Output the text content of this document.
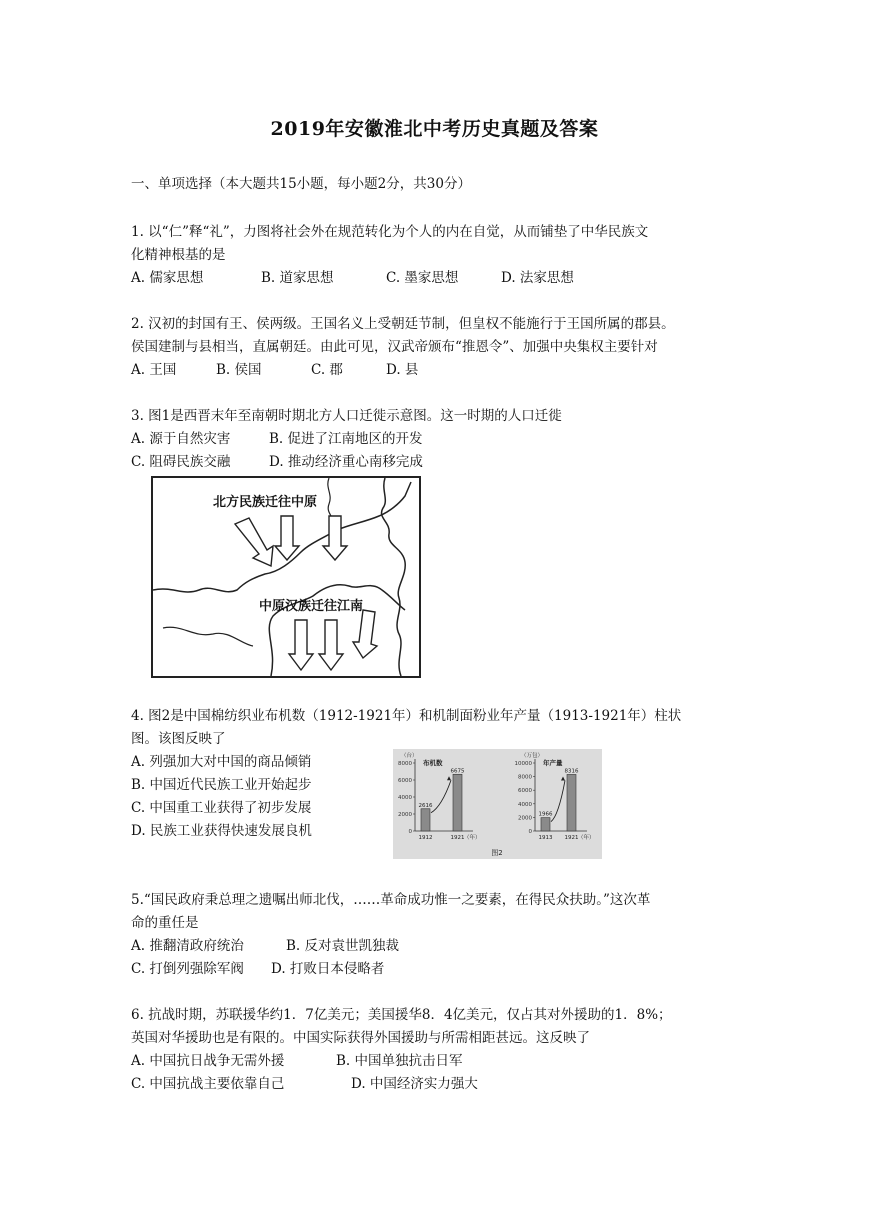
2019年安徽淮北中考历史真题及答案
一、单项选择（本大题共15小题，每小题2分，共30分）
1. 以“仁”释“礼”，力图将社会外在规范转化为个人的内在自觉，从而铺垫了中华民族文
化精神根基的是
A. 儒家思想	B. 道家思想	C. 墨家思想	D. 法家思想
2. 汉初的封国有王、侯两级。王国名义上受朝廷节制，但皇权不能施行于王国所属的郡县。
侯国建制与县相当，直属朝廷。由此可见，汉武帝颁布“推恩令”、加强中央集权主要针对
A. 王国	B. 侯国	C. 郡	D. 县
3. 图1是西晋末年至南朝时期北方人口迁徙示意图。这一时期的人口迁徙
A. 源于自然灾害	B. 促进了江南地区的开发
C. 阻碍民族交融	D. 推动经济重心南移完成
北方民族迁往中原
中原汉族迁往江南
4. 图2是中国棉纺织业布机数（1912-1921年）和机制面粉业年产量（1913-1921年）柱状
图。该图反映了
A. 列强加大对中国的商品倾销
B. 中国近代民族工业开始起步
C. 中国重工业获得了初步发展
D. 民族工业获得快速发展良机
图2
（台）
0
2000
4000
6000
8000 布机数
2616
1912
6675
1921 （年）
（万包）
0
2000
4000
6000
8000
10000 年产量
1966
1913
8316
1921 （年）
5.“国民政府秉总理之遗嘱出师北伐，……革命成功惟一之要素，在得民众扶助。”这次革
命的重任是
A. 推翻清政府统治	B. 反对袁世凯独裁
C. 打倒列强除军阀 D. 打败日本侵略者
6. 抗战时期，苏联援华约1．7亿美元；美国援华8．4亿美元，仅占其对外援助的1．8%；
英国对华援助也是有限的。中国实际获得外国援助与所需相距甚远。这反映了
A. 中国抗日战争无需外援	B. 中国单独抗击日军
C. 中国抗战主要依靠自己	D. 中国经济实力强大
